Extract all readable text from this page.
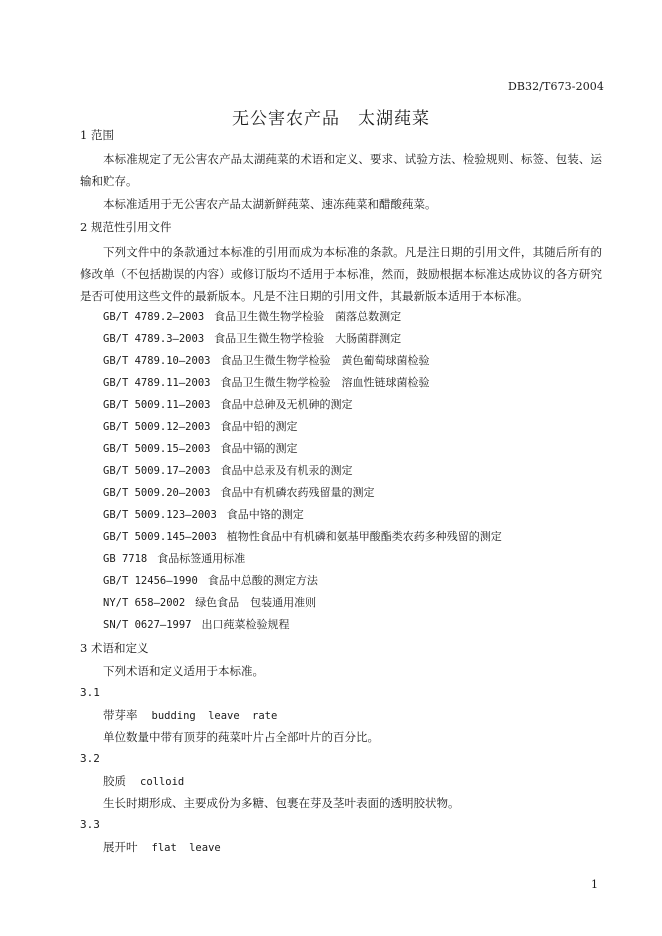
DB32/T673-2004
无公害农产品　太湖莼菜
1 范围
本标准规定了无公害农产品太湖莼菜的术语和定义、要求、试验方法、检验规则、标签、包装、运输和贮存。
本标准适用于无公害农产品太湖新鲜莼菜、速冻莼菜和醋酸莼菜。
2 规范性引用文件
下列文件中的条款通过本标准的引用而成为本标准的条款。凡是注日期的引用文件，其随后所有的修改单（不包括勘误的内容）或修订版均不适用于本标准，然而，鼓励根据本标准达成协议的各方研究是否可使用这些文件的最新版本。凡是不注日期的引用文件，其最新版本适用于本标准。
GB/T 4789.2—2003 食品卫生微生物学检验　菌落总数测定
GB/T 4789.3—2003 食品卫生微生物学检验　大肠菌群测定
GB/T 4789.10—2003 食品卫生微生物学检验　黄色葡萄球菌检验
GB/T 4789.11—2003 食品卫生微生物学检验　溶血性链球菌检验
GB/T 5009.11—2003 食品中总砷及无机砷的测定
GB/T 5009.12—2003 食品中铅的测定
GB/T 5009.15—2003 食品中镉的测定
GB/T 5009.17—2003 食品中总汞及有机汞的测定
GB/T 5009.20—2003 食品中有机磷农药残留量的测定
GB/T 5009.123—2003 食品中铬的测定
GB/T 5009.145—2003 植物性食品中有机磷和氨基甲酸酯类农药多种残留的测定
GB 7718 食品标签通用标准
GB/T 12456—1990 食品中总酸的测定方法
NY/T 658—2002 绿色食品　包装通用准则
SN/T 0627—1997 出口莼菜检验规程
3 术语和定义
下列术语和定义适用于本标准。
3.1
带芽率 budding leave rate
单位数量中带有顶芽的莼菜叶片占全部叶片的百分比。
3.2
胶质 colloid
生长时期形成、主要成份为多糖、包裹在芽及茎叶表面的透明胶状物。
3.3
展开叶 flat leave
1
